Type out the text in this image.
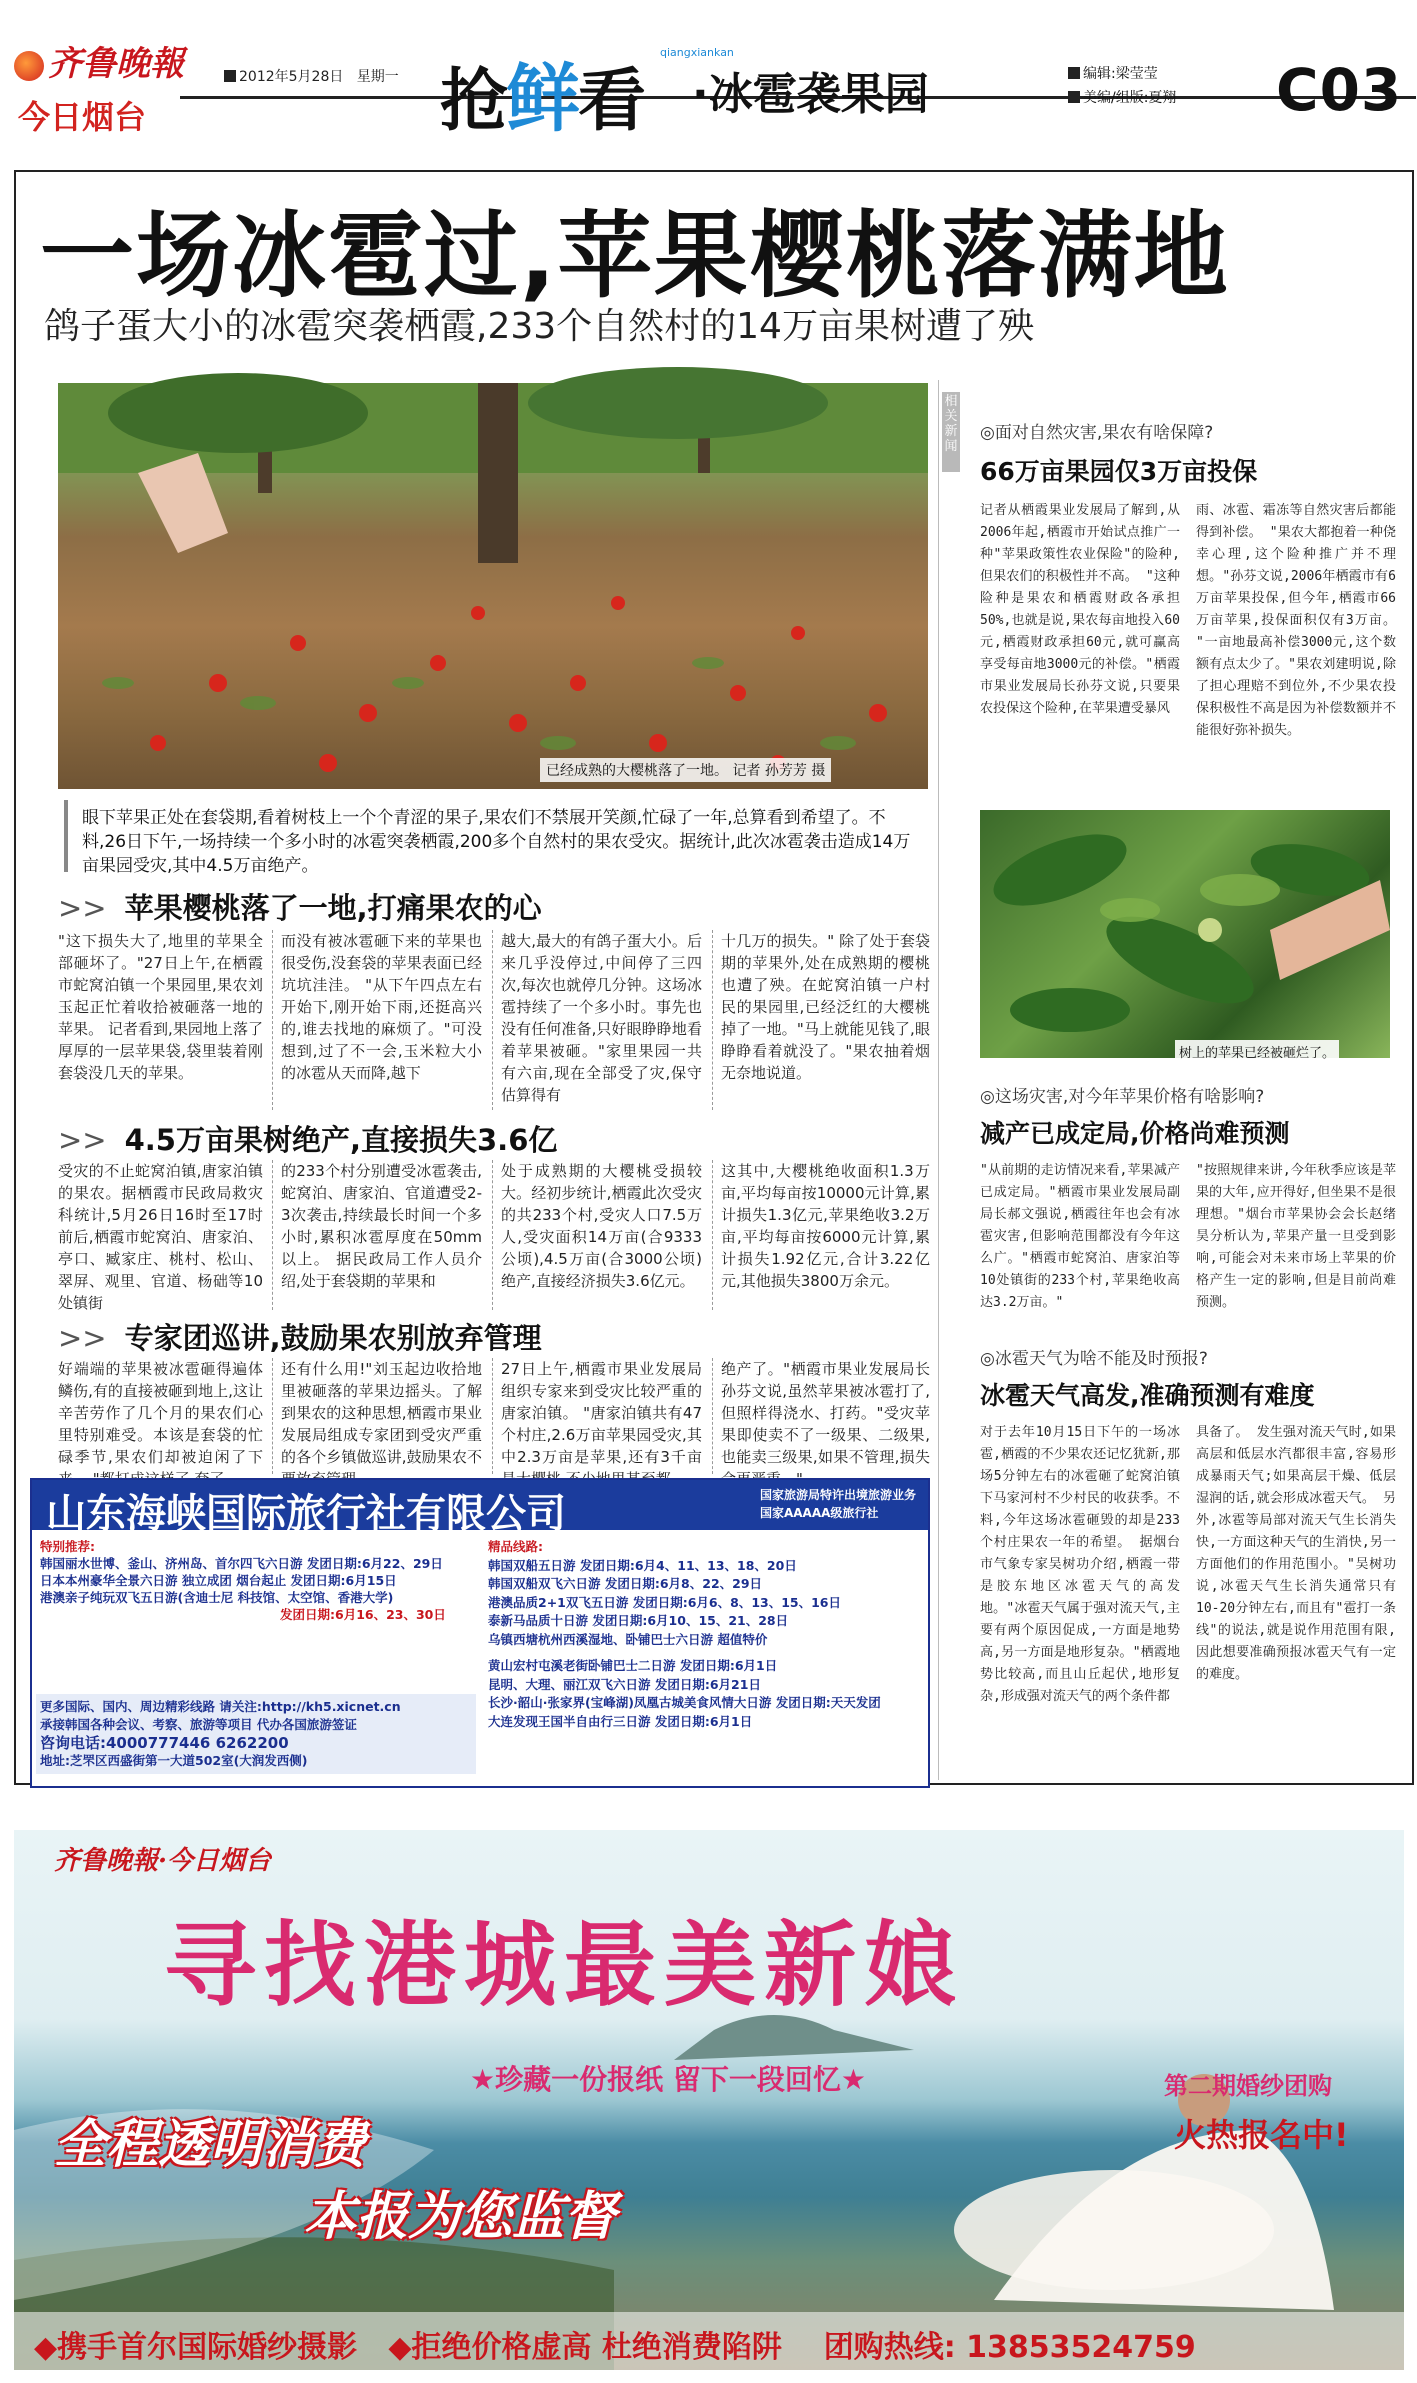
齐鲁晚報
今日烟台
2012年5月28日 星期一 抢鲜看
qiangxiankan
·冰雹袭果园	编辑:梁莹莹
美编/组版:夏翔 C03
一场冰雹过,苹果樱桃落满地
鸽子蛋大小的冰雹突袭栖霞,233个自然村的14万亩果树遭了殃
已经成熟的大樱桃落了一地。 记者 孙芳芳 摄
眼下苹果正处在套袋期,看着树枝上一个个青涩的果子,果农们不禁展开笑颜,忙碌了一年,总算看到希望了。不料,26日下午,一场持续一个多小时的冰雹突袭栖霞,200多个自然村的果农受灾。据统计,此次冰雹袭击造成14万亩果园受灾,其中4.5万亩绝产。
>> 苹果樱桃落了一地,打痛果农的心
"这下损失大了,地里的苹果全部砸坏了。"27日上午,在栖霞市蛇窝泊镇一个果园里,果农刘玉起正忙着收拾被砸落一地的苹果。 记者看到,果园地上落了厚厚的一层苹果袋,袋里装着刚套袋没几天的苹果。
而没有被冰雹砸下来的苹果也很受伤,没套袋的苹果表面已经坑坑洼洼。 "从下午四点左右开始下,刚开始下雨,还挺高兴的,谁去找地的麻烦了。"可没想到,过了不一会,玉米粒大小的冰雹从天而降,越下
越大,最大的有鸽子蛋大小。后来几乎没停过,中间停了三四次,每次也就停几分钟。这场冰雹持续了一个多小时。事先也没有任何准备,只好眼睁睁地看着苹果被砸。"家里果园一共有六亩,现在全部受了灾,保守估算得有
十几万的损失。" 除了处于套袋期的苹果外,处在成熟期的樱桃也遭了殃。在蛇窝泊镇一户村民的果园里,已经泛红的大樱桃掉了一地。"马上就能见钱了,眼睁睁看着就没了。"果农抽着烟无奈地说道。
>> 4.5万亩果树绝产,直接损失3.6亿
受灾的不止蛇窝泊镇,唐家泊镇的果农。据栖霞市民政局救灾科统计,5月26日16时至17时前后,栖霞市蛇窝泊、唐家泊、亭口、臧家庄、桃村、松山、翠屏、观里、官道、杨础等10处镇街
的233个村分别遭受冰雹袭击,蛇窝泊、唐家泊、官道遭受2-3次袭击,持续最长时间一个多小时,累积冰雹厚度在50mm以上。 据民政局工作人员介绍,处于套袋期的苹果和
处于成熟期的大樱桃受损较大。经初步统计,栖霞此次受灾的共233个村,受灾人口7.5万人,受灾面积14万亩(合9333公顷),4.5万亩(合3000公顷)绝产,直接经济损失3.6亿元。
这其中,大樱桃绝收面积1.3万亩,平均每亩按10000元计算,累计损失1.3亿元,苹果绝收3.2万亩,平均每亩按6000元计算,累计损失1.92亿元,合计3.22亿元,其他损失3800万余元。
>> 专家团巡讲,鼓励果农别放弃管理
好端端的苹果被冰雹砸得遍体鳞伤,有的直接被砸到地上,这让辛苦劳作了几个月的果农们心里特别难受。本该是套袋的忙碌季节,果农们却被迫闲了下
还有什么用!"刘玉起边收拾地里被砸落的苹果边摇头。了解到果农的这种思想,栖霞市果业发展局组成专家团到受灾严重的各个乡镇做巡讲,鼓励果农不
27日上午,栖霞市果业发展局组织专家来到受灾比较严重的唐家泊镇。 "唐家泊镇共有47个村庄,2.6万亩苹果园受灾,其中2.3万亩是苹果,还有3千亩
绝产了。"栖霞市果业发展局长孙芬文说,虽然苹果被冰雹打了,但照样得浇水、打药。"受灾苹果即使卖不了一级果、二级果,也能卖三级果,如果不管理,损失
山东海峡国际旅行社有限公司	国家旅游局特许出境旅游业务
国家AAAAA级旅行社
特别推荐:
韩国丽水世博、釜山、济州岛、首尔四飞六日游 发团日期:6月22、29日
日本本州豪华全景六日游 独立成团 烟台起止 发团日期:6月15日
港澳亲子纯玩双飞五日游(含迪士尼 科技馆、太空馆、香港大学)
发团日期:6月16、23、30日
更多国际、国内、周边精彩线路 请关注:http://kh5.xicnet.cn
承接韩国各种会议、考察、旅游等项目 代办各国旅游签证
咨询电话:4000777446 6262200
地址:芝罘区西盛街第一大道502室(大润发西侧)
精品线路:
韩国双船五日游 发团日期:6月4、11、13、18、20日
韩国双船双飞六日游 发团日期:6月8、22、29日
港澳品质2+1双飞五日游 发团日期:6月6、8、13、15、16日
泰新马品质十日游 发团日期:6月10、15、21、28日
乌镇西塘杭州西溪湿地、卧铺巴士六日游 超值特价
黄山宏村屯溪老街卧铺巴士二日游 发团日期:6月1日
昆明、大理、丽江双飞六日游 发团日期:6月21日
长沙·韶山·张家界(宝峰湖)凤凰古城美食风情大日游 发团日期:天天发团
大连发现王国半自由行三日游 发团日期:6月1日
相关新闻
◎面对自然灾害,果农有啥保障?
66万亩果园仅3万亩投保
记者从栖霞果业发展局了解到,从2006年起,栖霞市开始试点推广一种"苹果政策性农业保险"的险种,但果农们的积极性并不高。 "这种险种是果农和栖霞财政各承担50%,也就是说,果农每亩地投入60元,栖霞财政承担60元,就可赢高享受每亩地3000元的补偿。"栖霞市果业发展局长孙芬文说,只要果农投保这个险种,在苹果遭受暴风
雨、冰雹、霜冻等自然灾害后都能得到补偿。 "果农大都抱着一种侥幸心理,这个险种推广并不理想。"孙芬文说,2006年栖霞市有6万亩苹果投保,但今年,栖霞市66万亩苹果,投保面积仅有3万亩。 "一亩地最高补偿3000元,这个数额有点太少了。"果农刘建明说,除了担心理赔不到位外,不少果农投保积极性不高是因为补偿数额并不能很好弥补损失。
树上的苹果已经被砸烂了。
◎这场灾害,对今年苹果价格有啥影响?
减产已成定局,价格尚难预测
"从前期的走访情况来看,苹果减产已成定局。"栖霞市果业发展局副局长郝文强说,栖霞往年也会有冰雹灾害,但影响范围都没有今年这么广。"栖霞市蛇窝泊、唐家泊等10处镇街的233个村,苹果绝收高达3.2万亩。"
"按照规律来讲,今年秋季应该是苹果的大年,应开得好,但坐果不是很理想。"烟台市苹果协会会长赵绪昊分析认为,苹果产量一旦受到影响,可能会对未来市场上苹果的价格产生一定的影响,但是目前尚难预测。
◎冰雹天气为啥不能及时预报?
冰雹天气高发,准确预测有难度
对于去年10月15日下午的一场冰雹,栖霞的不少果农还记忆犹新,那场5分钟左右的冰雹砸了蛇窝泊镇下马家河村不少村民的收获季。不料,今年这场冰雹砸毁的却是233个村庄果农一年的希望。 据烟台市气象专家吴树功介绍,栖霞一带是胶东地区冰雹天气的高发地。"冰雹天气属于强对流天气,主要有两个原因促成,一方面是地势高,另一方面是地形复杂。"栖霞地势比较高,而且山丘起伏,地形复杂,形成强对流天气的两个条件都
具备了。 发生强对流天气时,如果高层和低层水汽都很丰富,容易形成暴雨天气;如果高层干燥、低层湿润的话,就会形成冰雹天气。 另外,冰雹等局部对流天气生长消失快,一方面这种天气的生消快,另一方面他们的作用范围小。"吴树功说,冰雹天气生长消失通常只有10-20分钟左右,而且有"雹打一条线"的说法,就是说作用范围有限,因此想要准确预报冰雹天气有一定的难度。
齐鲁晚報·今日烟台
寻找港城最美新娘
★珍藏一份报纸 留下一段回忆★
全程透明消费
本报为您监督
第二期婚纱团购
火热报名中!
◆携手首尔国际婚纱摄影 ◆拒绝价格虚高 杜绝消费陷阱 团购热线: 13853524759
